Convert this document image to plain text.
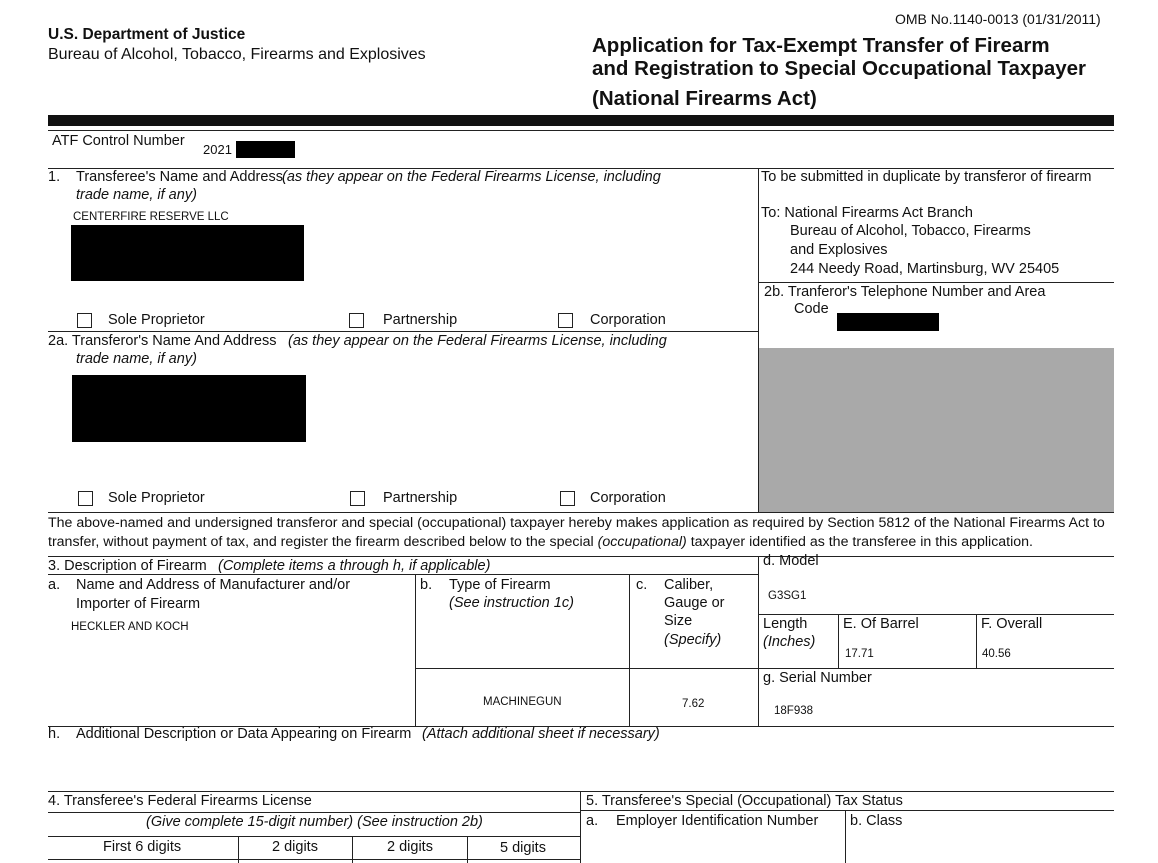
U.S. Department of Justice
Bureau of Alcohol, Tobacco, Firearms and Explosives
OMB No.1140-0013 (01/31/2011)
Application for Tax-Exempt Transfer of Firearm
and Registration to Special Occupational Taxpayer
(National Firearms Act)
ATF Control Number
2021
1. Transferee's Name and Address (as they appear on the Federal Firearms License, including
trade name, if any)
CENTERFIRE RESERVE LLC
Sole Proprietor	Partnership	Corporation
To be submitted in duplicate by transferor of firearm
To: National Firearms Act Branch
Bureau of Alcohol, Tobacco, Firearms
and Explosives
244 Needy Road, Martinsburg, WV 25405
2b. Tranferor's Telephone Number and Area
Code
2a. Transferor's Name And Address (as they appear on the Federal Firearms License, including
trade name, if any)
Sole Proprietor	Partnership	Corporation
The above-named and undersigned transferor and special (occupational) taxpayer hereby makes application as required by Section 5812 of the National Firearms Act to
transfer, without payment of tax, and register the firearm described below to the special (occupational) taxpayer identified as the transferee in this application.
3. Description of Firearm (Complete items a through h, if applicable)
a. Name and Address of Manufacturer and/or
Importer of Firearm
HECKLER AND KOCH
b. Type of Firearm
(See instruction 1c)
c. Caliber,
Gauge or
Size
(Specify)
MACHINEGUN	7.62
d. Model
G3SG1
Length
(Inches)
E. Of Barrel
17.71
F. Overall
40.56
g. Serial Number
18F938
h. Additional Description or Data Appearing on Firearm (Attach additional sheet if necessary)
4. Transferee's Federal Firearms License
(Give complete 15-digit number) (See instruction 2b)
First 6 digits	2 digits	2 digits	5 digits
5. Transferee's Special (Occupational) Tax Status
a. Employer Identification Number b. Class
